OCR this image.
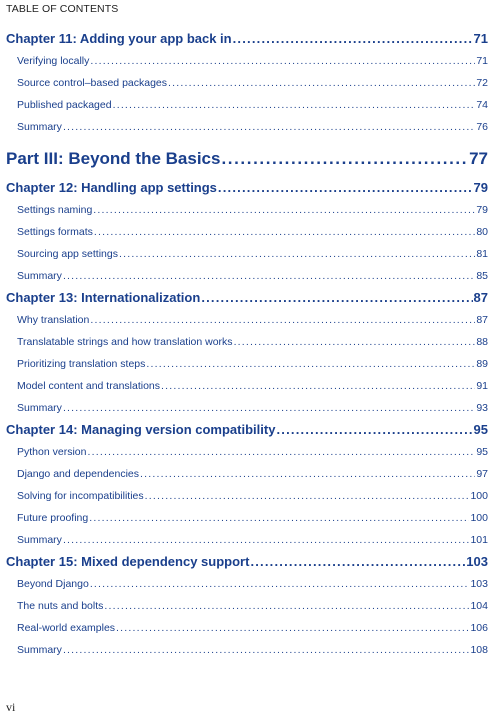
TABLE OF CONTENTS
Chapter 11: Adding your app back in .....	71
Verifying locally .....	71
Source control–based packages .....	72
Published packaged .....	74
Summary .....	76
Part III: Beyond the Basics .....	77
Chapter 12: Handling app settings .....	79
Settings naming .....	79
Settings formats .....	80
Sourcing app settings .....	81
Summary .....	85
Chapter 13: Internationalization .....	87
Why translation .....	87
Translatable strings and how translation works .....	88
Prioritizing translation steps .....	89
Model content and translations .....	91
Summary .....	93
Chapter 14: Managing version compatibility .....	95
Python version .....	95
Django and dependencies .....	97
Solving for incompatibilities .....	100
Future proofing .....	100
Summary .....	101
Chapter 15: Mixed dependency support .....	103
Beyond Django .....	103
The nuts and bolts .....	104
Real-world examples .....	106
Summary .....	108
vi
